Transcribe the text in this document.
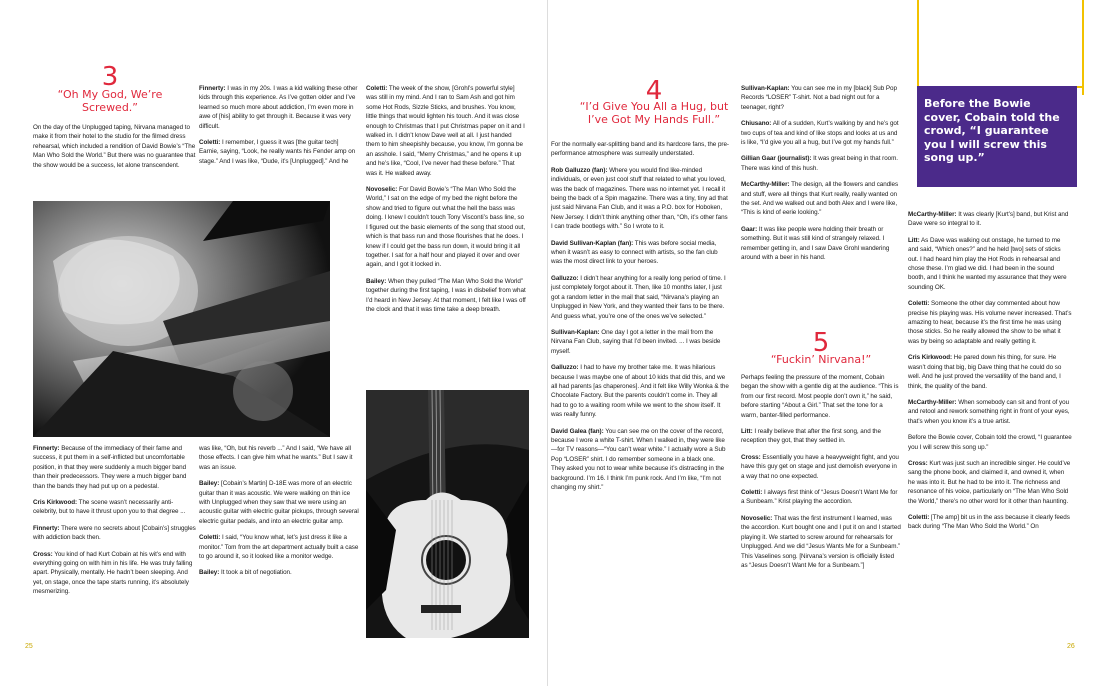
3
“Oh My God, We’re Screwed.”

On the day of the Unplugged taping, Nirvana managed to make it from their hotel to the studio for the filmed dress rehearsal, which included a rendition of David Bowie’s “The Man Who Sold the World.” But there was no guarantee that the show would be a success, let alone transcendent.

Finnerty: Because of the immediacy of their fame and success, it put them in a self-inflicted but uncomfortable position, in that they were suddenly a much bigger band than their predecessors. They were a much bigger band than the bands they had put up on a pedestal.

Cris Kirkwood: The scene wasn’t necessarily anti-celebrity, but to have it thrust upon you to that degree ...

Finnerty: There were no secrets about [Cobain’s] struggles with addiction back then.

Cross: You kind of had Kurt Cobain at his wit’s end with everything going on with him in his life. He was truly falling apart. Physically, mentally. He hadn’t been sleeping. And yet, on stage, once the tape starts running, it’s absolutely mesmerizing.

Finnerty: I was in my 20s. I was a kid walking these other kids through this experience. As I’ve gotten older and I’ve learned so much more about addiction, I’m even more in awe of [his] ability to get through it. Because it was very difficult.

Coletti: I remember, I guess it was [the guitar tech] Earnie, saying, “Look, he really wants his Fender amp on stage.” And I was like, “Dude, it’s [Unplugged].” And he

was like, “Oh, but his reverb ...” And I said, “We have all those effects. I can give him what he wants.” But I saw it was an issue.

Bailey: [Cobain’s Martin] D-18E was more of an electric guitar than it was acoustic. We were walking on thin ice with Unplugged when they saw that we were using an acoustic guitar with electric guitar pickups, through several electric guitar pedals, and into an electric guitar amp.

Coletti: I said, “You know what, let’s just dress it like a monitor.” Tom from the art department actually built a case to go around it, so it looked like a monitor wedge.

Bailey: It took a bit of negotiation.

Coletti: The week of the show, [Grohl’s powerful style] was still in my mind. And I ran to Sam Ash and got him some Hot Rods, Sizzle Sticks, and brushes. You know, little things that would lighten his touch. And it was close enough to Christmas that I put Christmas paper on it and I walked in. I didn’t know Dave well at all. I just handed them to him sheepishly because, you know, I’m gonna be an asshole. I said, “Merry Christmas,” and he opens it up and he’s like, “Cool, I’ve never had these before.” That was it. He walked away.

Novoselic: For David Bowie’s “The Man Who Sold the World,” I sat on the edge of my bed the night before the show and tried to figure out what the hell the bass was doing. I knew I couldn’t touch Tony Visconti’s bass line, so I figured out the basic elements of the song that stood out, which is that bass run and those flourishes that he does. I knew if I could get the bass run down, it would bring it all together. I sat for a half hour and played it over and over again, and I got it locked in.

Bailey: When they pulled “The Man Who Sold the World” together during the first taping, I was in disbelief from what I’d heard in New Jersey. At that moment, I felt like I was off the clock and that it was time take a deep breath.

25
4
“I’d Give You All a Hug, but I’ve Got My Hands Full.”

For the normally ear-splitting band and its hardcore fans, the pre-performance atmosphere was surreally understated.

Rob Galluzzo (fan): Where you would find like-minded individuals, or even just cool stuff that related to what you loved, was the back of magazines. There was no internet yet. I recall it being the back of a Spin magazine. There was a tiny, tiny ad that just said Nirvana Fan Club, and it was a P.O. box for Hoboken, New Jersey. I didn’t think anything other than, “Oh, it’s other fans I can trade bootlegs with.” So I wrote to it.

David Sullivan-Kaplan (fan): This was before social media, when it wasn’t as easy to connect with artists, so the fan club was the most direct link to your heroes.

Galluzzo: I didn’t hear anything for a really long period of time. I just completely forgot about it. Then, like 10 months later, I just got a random letter in the mail that said, “Nirvana’s playing an Unplugged in New York, and they wanted their fans to be there. And guess what, you’re one of the ones we’ve selected.”

Sullivan-Kaplan: One day I got a letter in the mail from the Nirvana Fan Club, saying that I’d been invited. ... I was beside myself.

Galluzzo: I had to have my brother take me. It was hilarious because I was maybe one of about 10 kids that did this, and we all had parents [as chaperones]. And it felt like Willy Wonka & the Chocolate Factory. But the parents couldn’t come in. They all had to go to a waiting room while we went to the show itself. It was really funny.

David Galea (fan): You can see me on the cover of the record, because I wore a white T-shirt. When I walked in, they were like—for TV reasons—“You can’t wear white.” I actually wore a Sub Pop “LOSER” shirt. I do remember someone in a black one. They asked you not to wear white because it’s distracting in the background. I’m 16. I think I’m punk rock. And I’m like, “I’m not changing my shirt.”

Sullivan-Kaplan: You can see me in my [black] Sub Pop Records “LOSER” T-shirt. Not a bad night out for a teenager, right?

Chiusano: All of a sudden, Kurt’s walking by and he’s got two cups of tea and kind of like stops and looks at us and is like, “I’d give you all a hug, but I’ve got my hands full.”

Gillian Gaar (journalist): It was great being in that room. There was kind of this hush.

McCarthy-Miller: The design, all the flowers and candles and stuff, were all things that Kurt really, really wanted on the set. And we walked out and both Alex and I were like, “This is kind of eerie looking.”

Gaar: It was like people were holding their breath or something. But it was still kind of strangely relaxed. I remember getting in, and I saw Dave Grohl wandering around with a beer in his hand.

5
“Fuckin’ Nirvana!”

Perhaps feeling the pressure of the moment, Cobain began the show with a gentle dig at the audience. “This is from our first record. Most people don’t own it,” he said, before starting “About a Girl.” That set the tone for a warm, banter-filled performance.

Litt: I really believe that after the first song, and the reception they got, that they settled in.

Cross: Essentially you have a heavyweight fight, and you have this guy get on stage and just demolish everyone in a way that no one expected.

Coletti: I always first think of “Jesus Doesn’t Want Me for a Sunbeam.” Krist playing the accordion.

Novoselic: That was the first instrument I learned, was the accordion. Kurt bought one and I put it on and I started playing it. We started to screw around for rehearsals for Unplugged. And we did “Jesus Wants Me for a Sunbeam.” This Vaselines song. [Nirvana’s version is officially listed as “Jesus Doesn’t Want Me for a Sunbeam.”]

McCarthy-Miller: It was clearly [Kurt’s] band, but Krist and Dave were so integral to it.

Litt: As Dave was walking out onstage, he turned to me and said, “Which ones?” and he held [two] sets of sticks out. I had heard him play the Hot Rods in rehearsal and chose these. I’m glad we did. I had been in the sound booth, and I think he wanted my assurance that they were sounding OK.

Coletti: Someone the other day commented about how precise his playing was. His volume never increased. That’s amazing to hear, because it’s the first time he was using those sticks. So he really allowed the show to be what it was by being so adaptable and really getting it.

Cris Kirkwood: He pared down his thing, for sure. He wasn’t doing that big, big Dave thing that he could do so well. And he just proved the versatility of the band and, I think, the quality of the band.

McCarthy-Miller: When somebody can sit and front of you and retool and rework something right in front of your eyes, that’s when you know it’s a true artist.

Before the Bowie cover, Cobain told the crowd, “I guarantee you I will screw this song up.”

Cross: Kurt was just such an incredible singer. He could’ve sang the phone book, and claimed it, and owned it, when he was into it. But he had to be into it. The richness and resonance of his voice, particularly on “The Man Who Sold the World,” there’s no other word for it other than haunting.

Coletti: [The amp] bit us in the ass because it clearly feeds back during “The Man Who Sold the World.” On

26
Before the Bowie cover, Cobain told the crowd, “I guarantee you I will screw this song up.”
